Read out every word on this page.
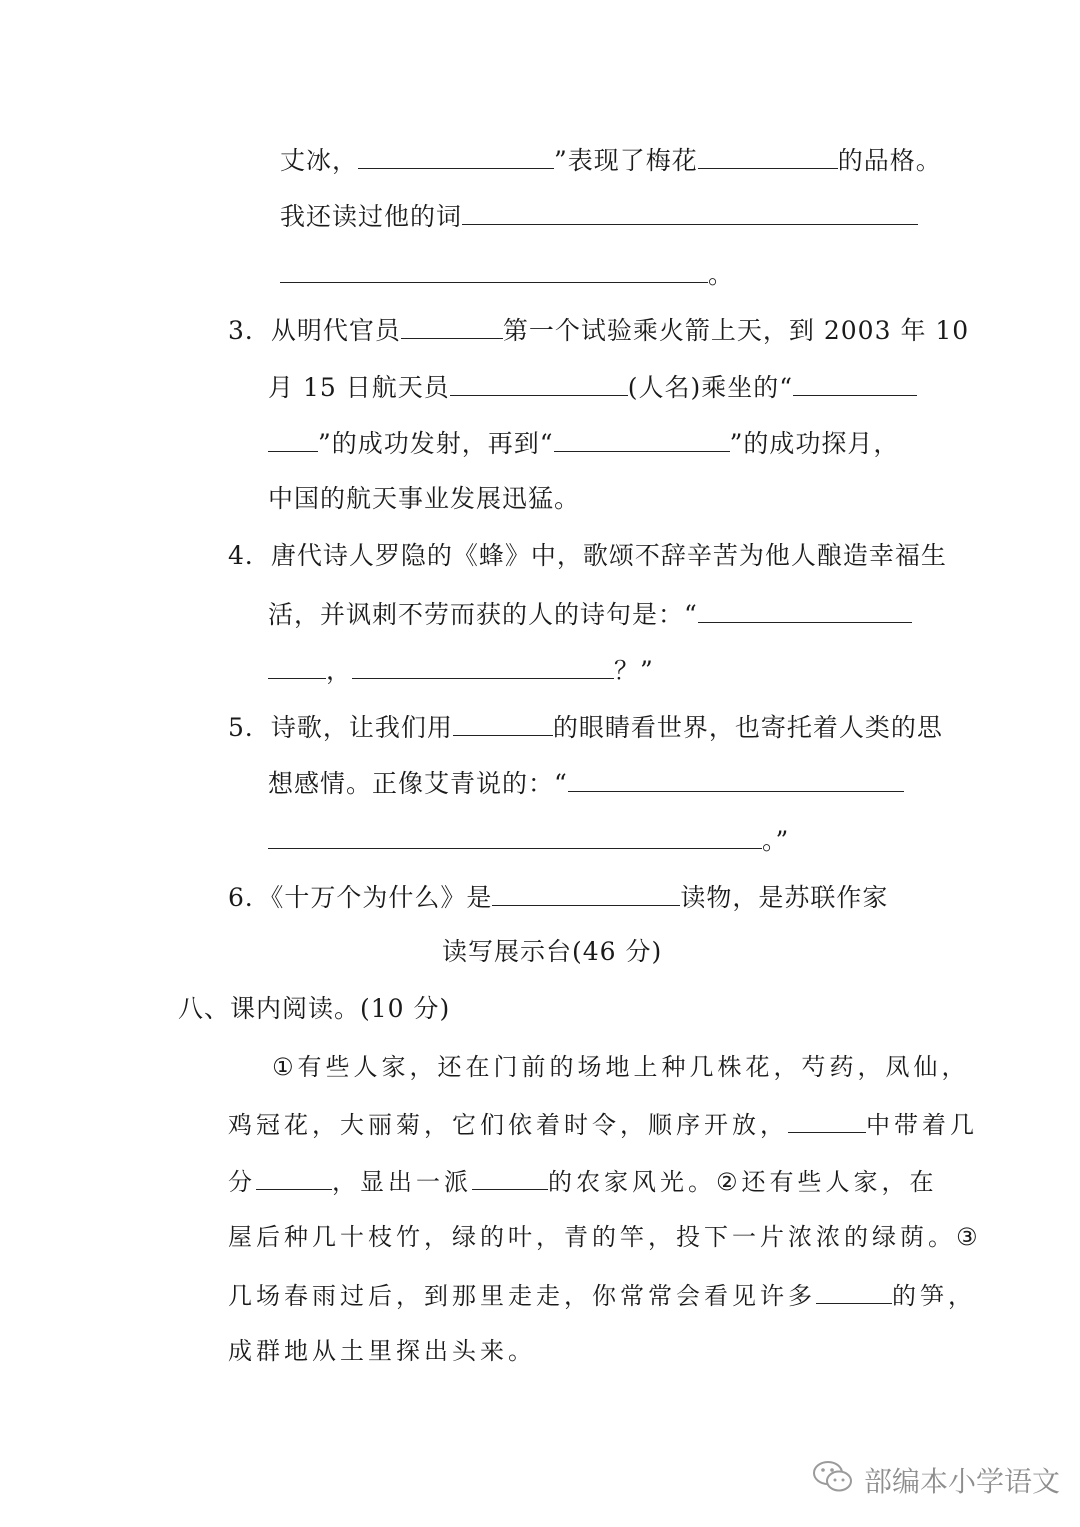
丈冰，	”表现了梅花	的品格。
我还读过他的词
。
3．从明代官员	第一个试验乘火箭上天，到 2003 年 10
月 15 日航天员	(人名)乘坐的“
”的成功发射，再到“	”的成功探月，
中国的航天事业发展迅猛。
4．唐代诗人罗隐的《蜂》中，歌颂不辞辛苦为他人酿造幸福生
活，并讽刺不劳而获的人的诗句是：“
，	？”
5．诗歌，让我们用	的眼睛看世界，也寄托着人类的思
想感情。正像艾青说的：“
。”
6．《十万个为什么》是	读物，是苏联作家
读写展示台(46 分)
八、课内阅读。(10 分)
①有些人家，还在门前的场地上种几株花，芍药，凤仙，
鸡冠花，大丽菊，它们依着时令，顺序开放，	中带着几
分	，显出一派	的农家风光。②还有些人家，在
屋后种几十枝竹，绿的叶，青的竿，投下一片浓浓的绿荫。③
几场春雨过后，到那里走走，你常常会看见许多	的笋，
成群地从土里探出头来。
部编本小学语文
